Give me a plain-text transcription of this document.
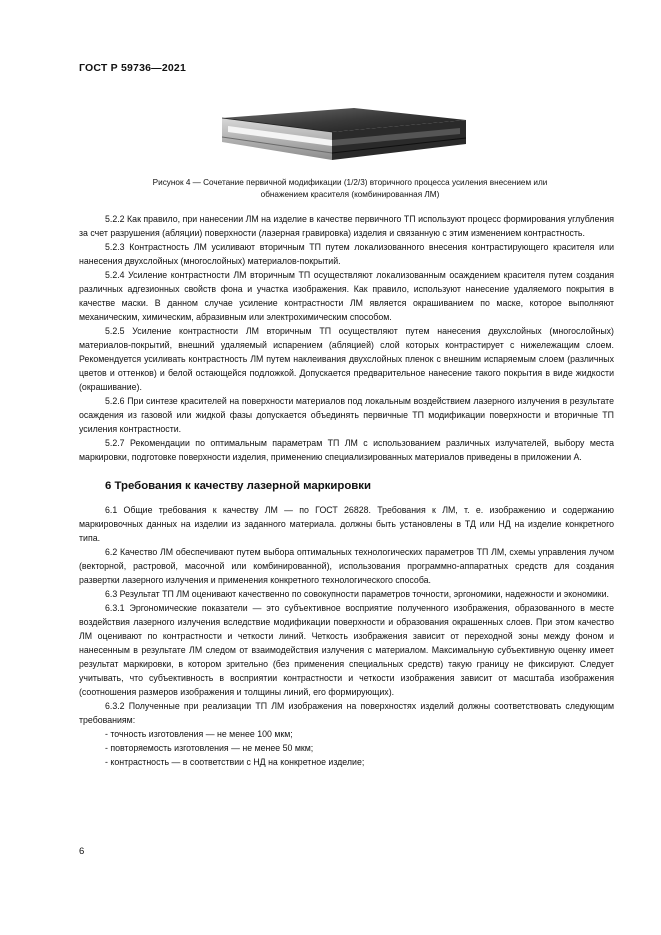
ГОСТ Р 59736—2021
Рисунок 4 — Сочетание первичной модификации (1/2/3) вторичного процесса усиления внесением или
обнажением красителя (комбинированная ЛМ)

5.2.2 Как правило, при нанесении ЛМ на изделие в качестве первичного ТП используют процесс формирования углубления за счет разрушения (абляции) поверхности (лазерная гравировка) изделия и связанную с этим изменением контрастность.

5.2.3 Контрастность ЛМ усиливают вторичным ТП путем локализованного внесения контрастирующего красителя или нанесения двухслойных (многослойных) материалов-покрытий.

5.2.4 Усиление контрастности ЛМ вторичным ТП осуществляют локализованным осаждением красителя путем создания различных адгезионных свойств фона и участка изображения. Как правило, используют нанесение удаляемого покрытия в качестве маски. В данном случае усиление контрастности ЛМ является окрашиванием по маске, которое выполняют механическим, химическим, абразивным или электрохимическим способом.

5.2.5 Усиление контрастности ЛМ вторичным ТП осуществляют путем нанесения двухслойных (многослойных) материалов-покрытий, внешний удаляемый испарением (абляцией) слой которых контрастирует с нижележащим слоем. Рекомендуется усиливать контрастность ЛМ путем наклеивания двухслойных пленок с внешним испаряемым слоем (различных цветов и оттенков) и белой остающейся подложкой. Допускается предварительное нанесение такого покрытия в виде жидкости (окрашивание).

5.2.6 При синтезе красителей на поверхности материалов под локальным воздействием лазерного излучения в результате осаждения из газовой или жидкой фазы допускается объединять первичные ТП модификации поверхности и вторичные ТП усиления контрастности.

5.2.7 Рекомендации по оптимальным параметрам ТП ЛМ с использованием различных излучателей, выбору места маркировки, подготовке поверхности изделия, применению специализированных материалов приведены в приложении А.

6 Требования к качеству лазерной маркировки

6.1 Общие требования к качеству ЛМ — по ГОСТ 26828. Требования к ЛМ, т. е. изображению и содержанию маркировочных данных на изделии из заданного материала. должны быть установлены в ТД или НД на изделие конкретного типа.

6.2 Качество ЛМ обеспечивают путем выбора оптимальных технологических параметров ТП ЛМ, схемы управления лучом (векторной, растровой, масочной или комбинированной), использования программно-аппаратных средств для создания развертки лазерного излучения и применения конкретного технологического способа.

6.3 Результат ТП ЛМ оценивают качественно по совокупности параметров точности, эргономики, надежности и экономики.

6.3.1 Эргономические показатели — это субъективное восприятие полученного изображения, образованного в месте воздействия лазерного излучения вследствие модификации поверхности и образования окрашенных слоев. При этом качество ЛМ оценивают по контрастности и четкости линий. Четкость изображения зависит от переходной зоны между фоном и нанесенным в результате ЛМ следом от взаимодействия излучения с материалом. Максимальную субъективную оценку имеет результат маркировки, в котором зрительно (без применения специальных средств) такую границу не фиксируют. Следует учитывать, что субъективность в восприятии контрастности и четкости изображения зависит от масштаба изображения (соотношения размеров изображения и толщины линий, его формирующих).

6.3.2 Полученные при реализации ТП ЛМ изображения на поверхностях изделий должны соответствовать следующим требованиям:

- точность изготовления — не менее 100 мкм;

- повторяемость изготовления — не менее 50 мкм;

- контрастность — в соответствии с НД на конкретное изделие;

6
